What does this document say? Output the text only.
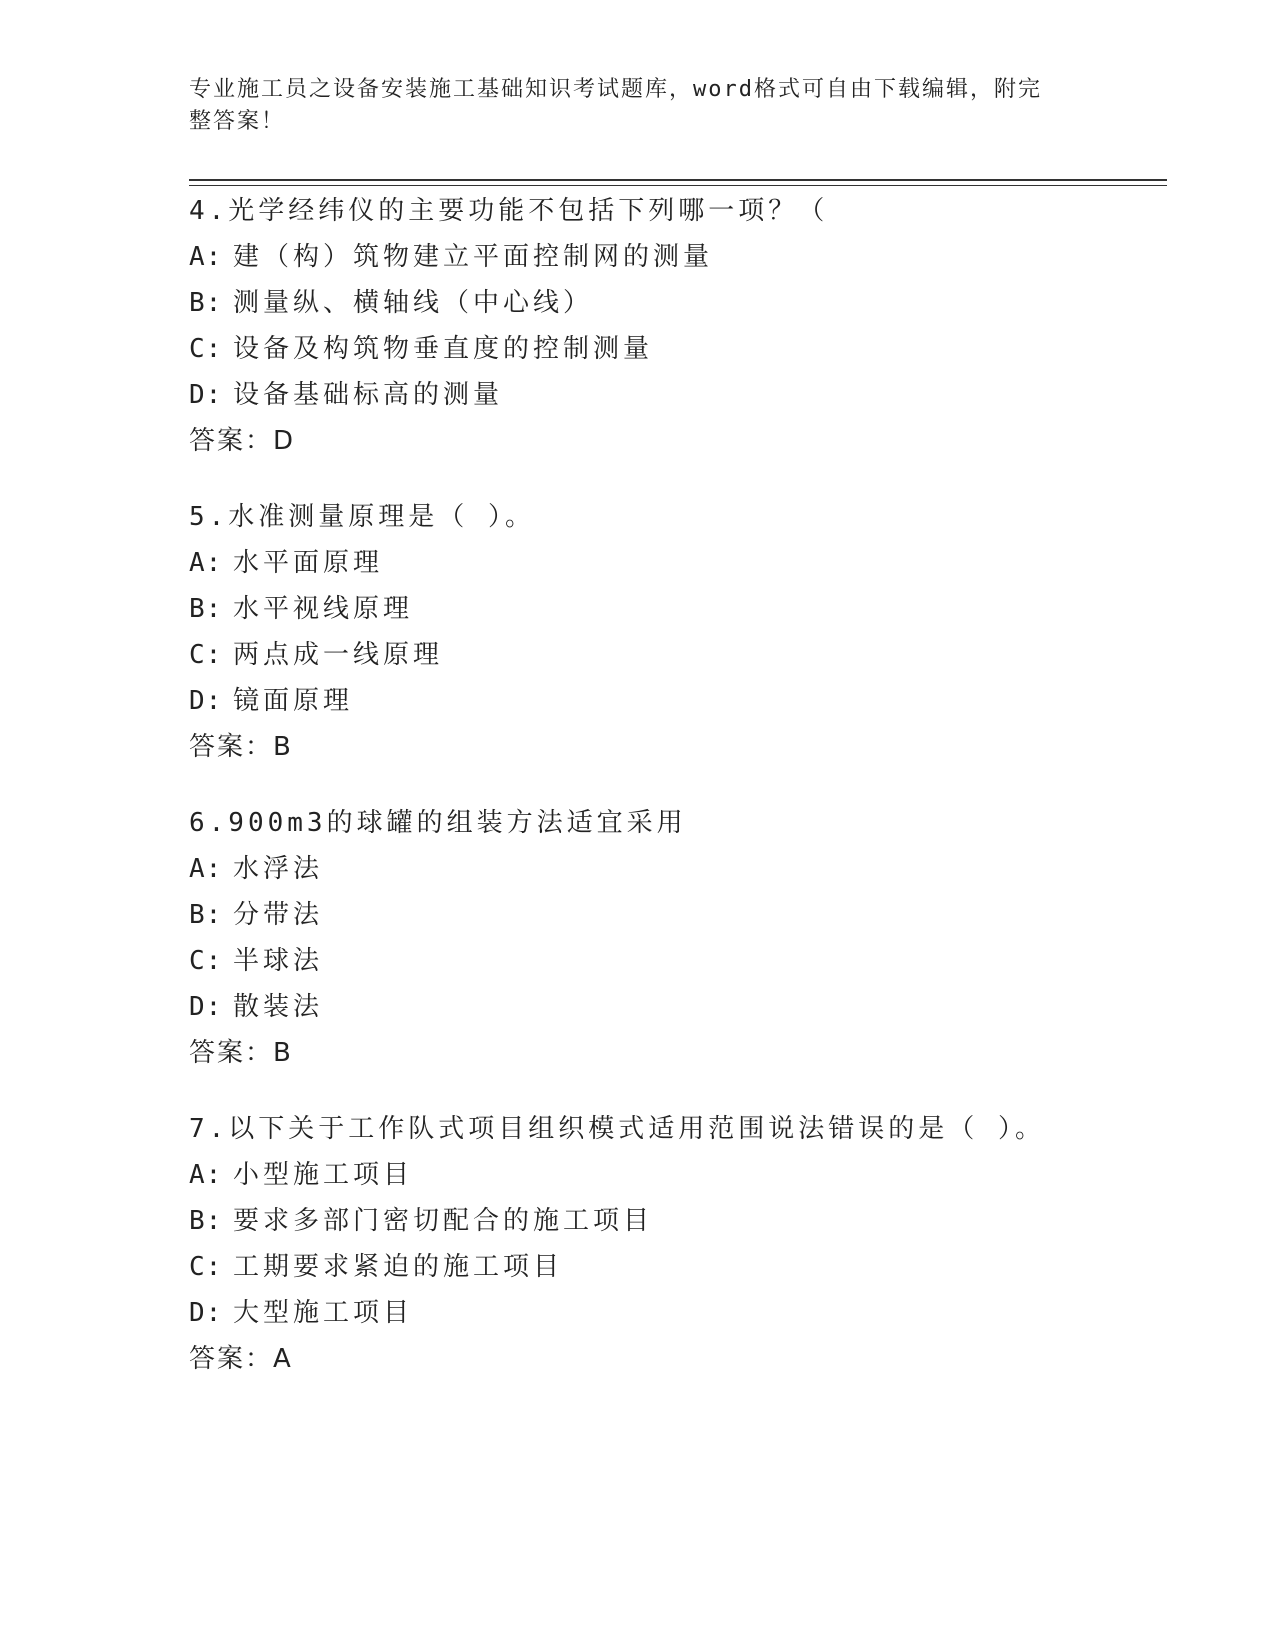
专业施工员之设备安装施工基础知识考试题库，word格式可自由下载编辑，附完
整答案！
4.光学经纬仪的主要功能不包括下列哪一项？（
A: 建（构）筑物建立平面控制网的测量
B: 测量纵、横轴线（中心线）
C: 设备及构筑物垂直度的控制测量
D: 设备基础标高的测量
答案：D
5.水准测量原理是（ ）。
A: 水平面原理
B: 水平视线原理
C: 两点成一线原理
D: 镜面原理
答案：B
6.900m3的球罐的组装方法适宜采用
A: 水浮法
B: 分带法
C: 半球法
D: 散装法
答案：B
7.以下关于工作队式项目组织模式适用范围说法错误的是（ ）。
A: 小型施工项目
B: 要求多部门密切配合的施工项目
C: 工期要求紧迫的施工项目
D: 大型施工项目
答案：A
